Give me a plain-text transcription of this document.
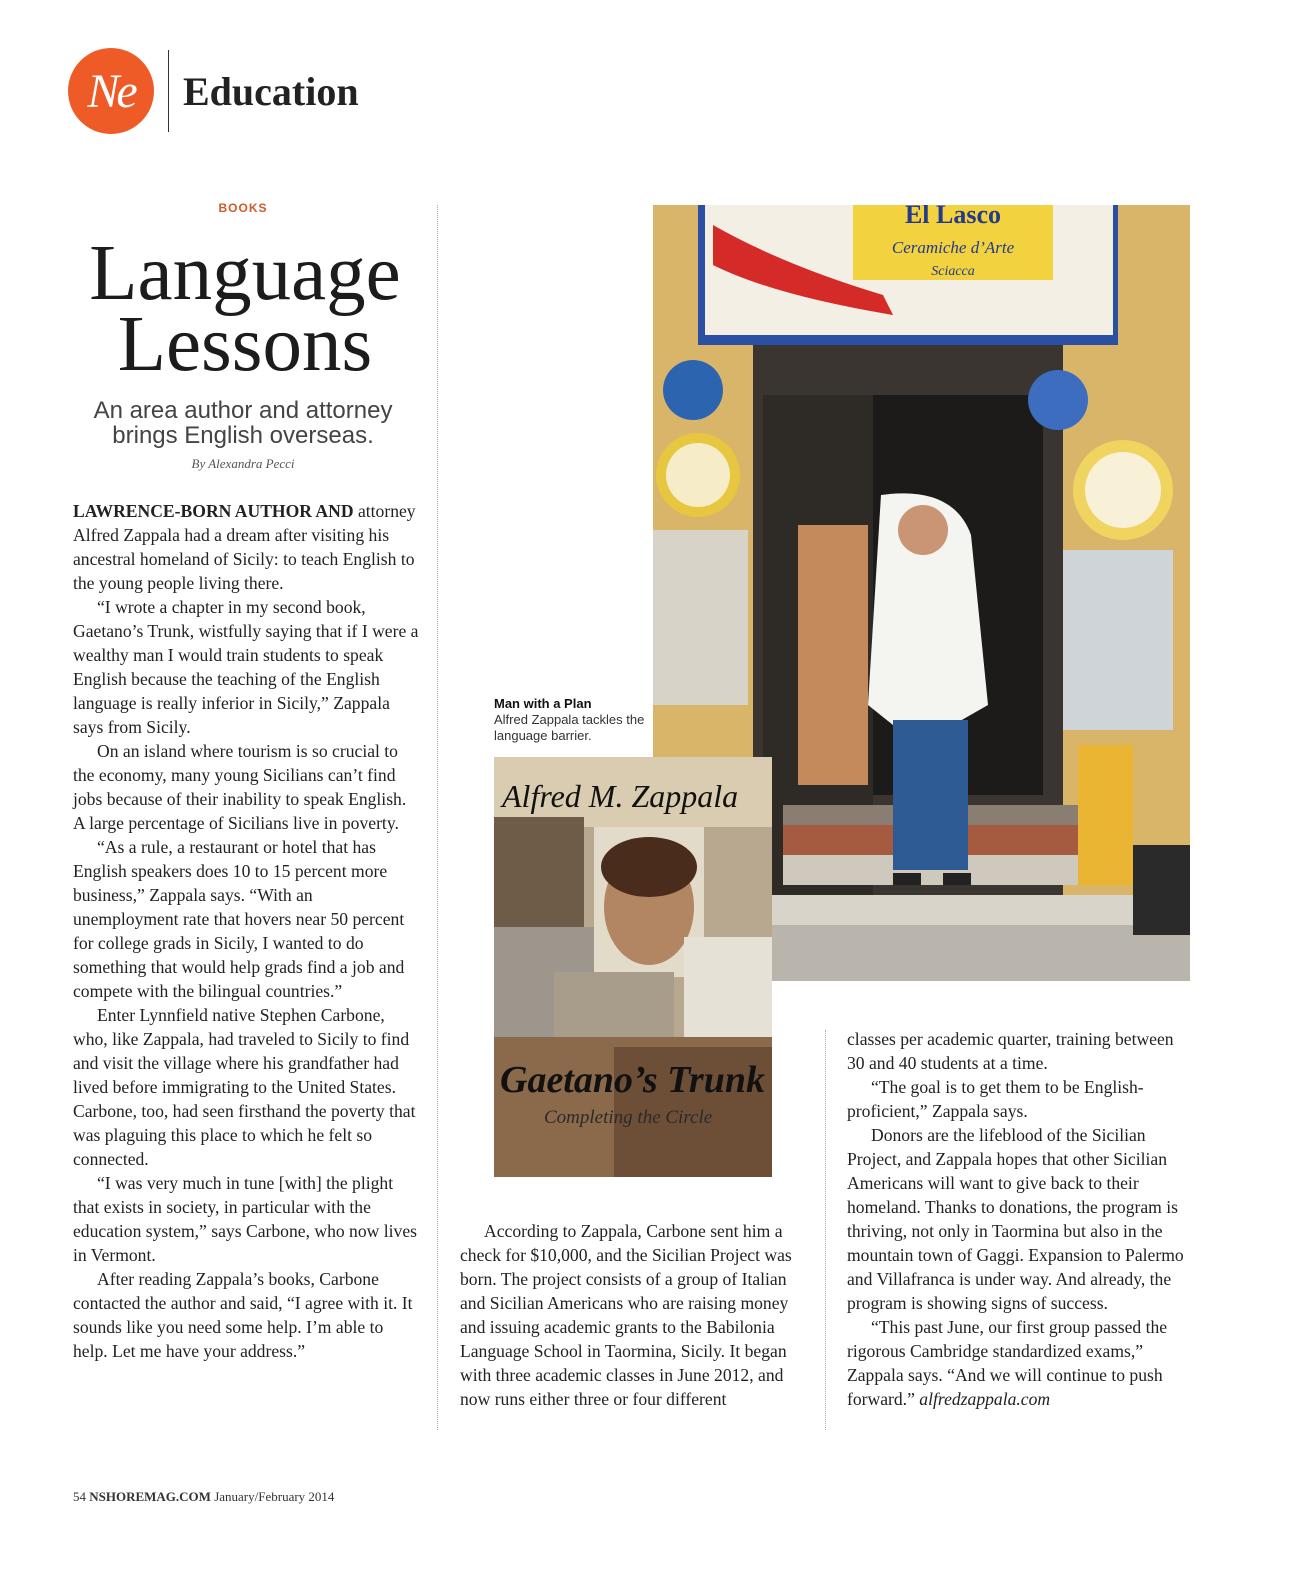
Ne	Education
BOOKS
Language
Lessons
An area author and attorney
brings English overseas.
By Alexandra Pecci

LAWRENCE-BORN AUTHOR AND attorney Alfred Zappala had a dream after visiting his ancestral homeland of Sicily: to teach English to the young people living there.

“I wrote a chapter in my second book, Gaetano’s Trunk, wistfully saying that if I were a wealthy man I would train students to speak English because the teaching of the English language is really inferior in Sicily,” Zappala says from Sicily.

On an island where tourism is so crucial to the economy, many young Sicilians can’t find jobs because of their inability to speak English. A large percentage of Sicilians live in poverty.

“As a rule, a restaurant or hotel that has English speakers does 10 to 15 percent more business,” Zappala says. “With an unemployment rate that hovers near 50 percent for college grads in Sicily, I wanted to do something that would help grads find a job and compete with the bilingual countries.”

Enter Lynnfield native Stephen Carbone, who, like Zappala, had traveled to Sicily to find and visit the village where his grandfather had lived before immigrating to the United States. Carbone, too, had seen firsthand the poverty that was plaguing this place to which he felt so connected.

“I was very much in tune [with] the plight that exists in society, in particular with the education system,” says Carbone, who now lives in Vermont.

After reading Zappala’s books, Carbone contacted the author and said, “I agree with it. It sounds like you need some help. I’m able to help. Let me have your address.”

Man with a Plan
Alfred Zappala tackles the language barrier.
El Lasco
Ceramiche d’Arte
Sciacca
Alfred M. Zappala
Gaetano’s Trunk
Completing the Circle

According to Zappala, Carbone sent him a check for $10,000, and the Sicilian Project was born. The project consists of a group of Italian and Sicilian Americans who are raising money and issuing academic grants to the Babilonia Language School in Taormina, Sicily. It began with three academic classes in June 2012, and now runs either three or four different

classes per academic quarter, training between 30 and 40 students at a time.

“The goal is to get them to be English-proficient,” Zappala says.

Donors are the lifeblood of the Sicilian Project, and Zappala hopes that other Sicilian Americans will want to give back to their homeland. Thanks to donations, the program is thriving, not only in Taormina but also in the mountain town of Gaggi. Expansion to Palermo and Villafranca is under way. And already, the program is showing signs of success.

“This past June, our first group passed the rigorous Cambridge standardized exams,” Zappala says. “And we will continue to push forward.” alfredzappala.com

54 NSHOREMAG.COM January/February 2014
